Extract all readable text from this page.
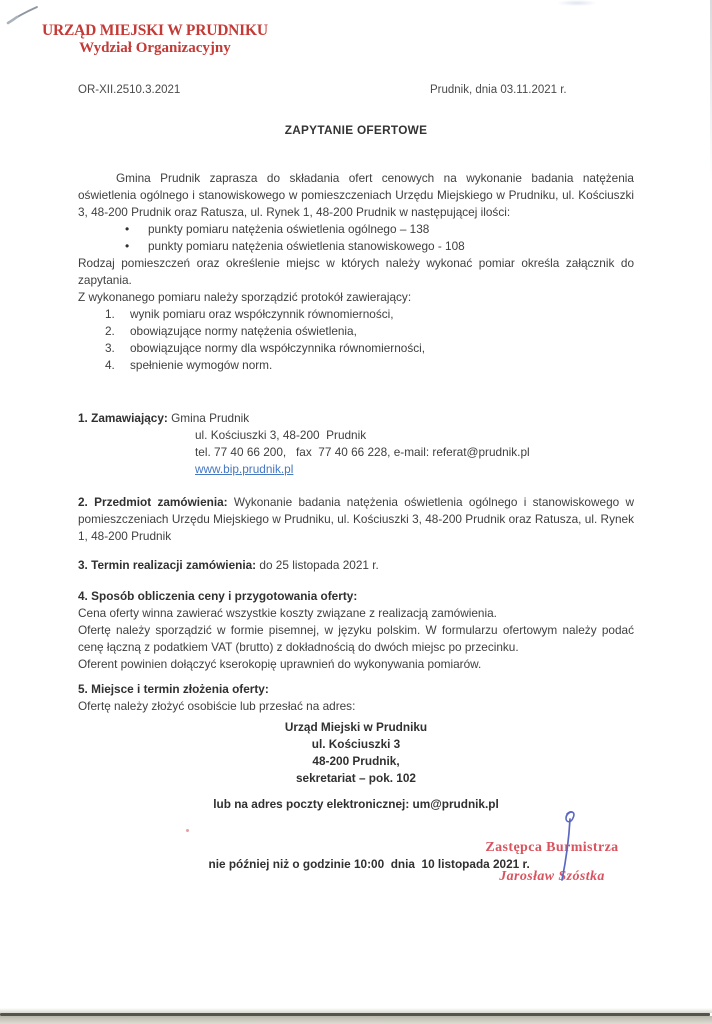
URZĄD MIEJSKI W PRUDNIKU
Wydział Organizacyjny
OR-XII.2510.3.2021	Prudnik, dnia 03.11.2021 r.
ZAPYTANIE OFERTOWE

Gmina Prudnik zaprasza do składania ofert cenowych na wykonanie badania natężenia oświetlenia ogólnego i stanowiskowego w pomieszczeniach Urzędu Miejskiego w Prudniku, ul. Kościuszki 3, 48-200 Prudnik oraz Ratusza, ul. Rynek 1, 48-200 Prudnik w następującej ilości:

• punkty pomiaru natężenia oświetlenia ogólnego – 138
• punkty pomiaru natężenia oświetlenia stanowiskowego - 108

Rodzaj pomieszczeń oraz określenie miejsc w których należy wykonać pomiar określa załącznik do zapytania.

Z wykonanego pomiaru należy sporządzić protokół zawierający:

1. wynik pomiaru oraz współczynnik równomierności,
2. obowiązujące normy natężenia oświetlenia,
3. obowiązujące normy dla współczynnika równomierności,
4. spełnienie wymogów norm.

1. Zamawiający: Gmina Prudnik

ul. Kościuszki 3, 48-200  Prudnik

tel. 77 40 66 200,   fax  77 40 66 228, e-mail: referat@prudnik.pl

www.bip.prudnik.pl

2. Przedmiot zamówienia: Wykonanie badania natężenia oświetlenia ogólnego i stanowiskowego w pomieszczeniach Urzędu Miejskiego w Prudniku, ul. Kościuszki 3, 48-200 Prudnik oraz Ratusza, ul. Rynek 1, 48-200 Prudnik

3. Termin realizacji zamówienia: do 25 listopada 2021 r.

4. Sposób obliczenia ceny i przygotowania oferty:

Cena oferty winna zawierać wszystkie koszty związane z realizacją zamówienia.

Ofertę należy sporządzić w formie pisemnej, w języku polskim. W formularzu ofertowym należy podać cenę łączną z podatkiem VAT (brutto) z dokładnością do dwóch miejsc po przecinku.

Oferent powinien dołączyć kserokopię uprawnień do wykonywania pomiarów.

5. Miejsce i termin złożenia oferty:

Ofertę należy złożyć osobiście lub przesłać na adres:

Urząd Miejski w Prudniku
ul. Kościuszki 3
48-200 Prudnik,
sekretariat – pok. 102
lub na adres poczty elektronicznej: um@prudnik.pl

nie później niż o godzinie 10:00  dnia  10 listopada 2021 r.

Zastępca Burmistrza
Jarosław Szóstka
